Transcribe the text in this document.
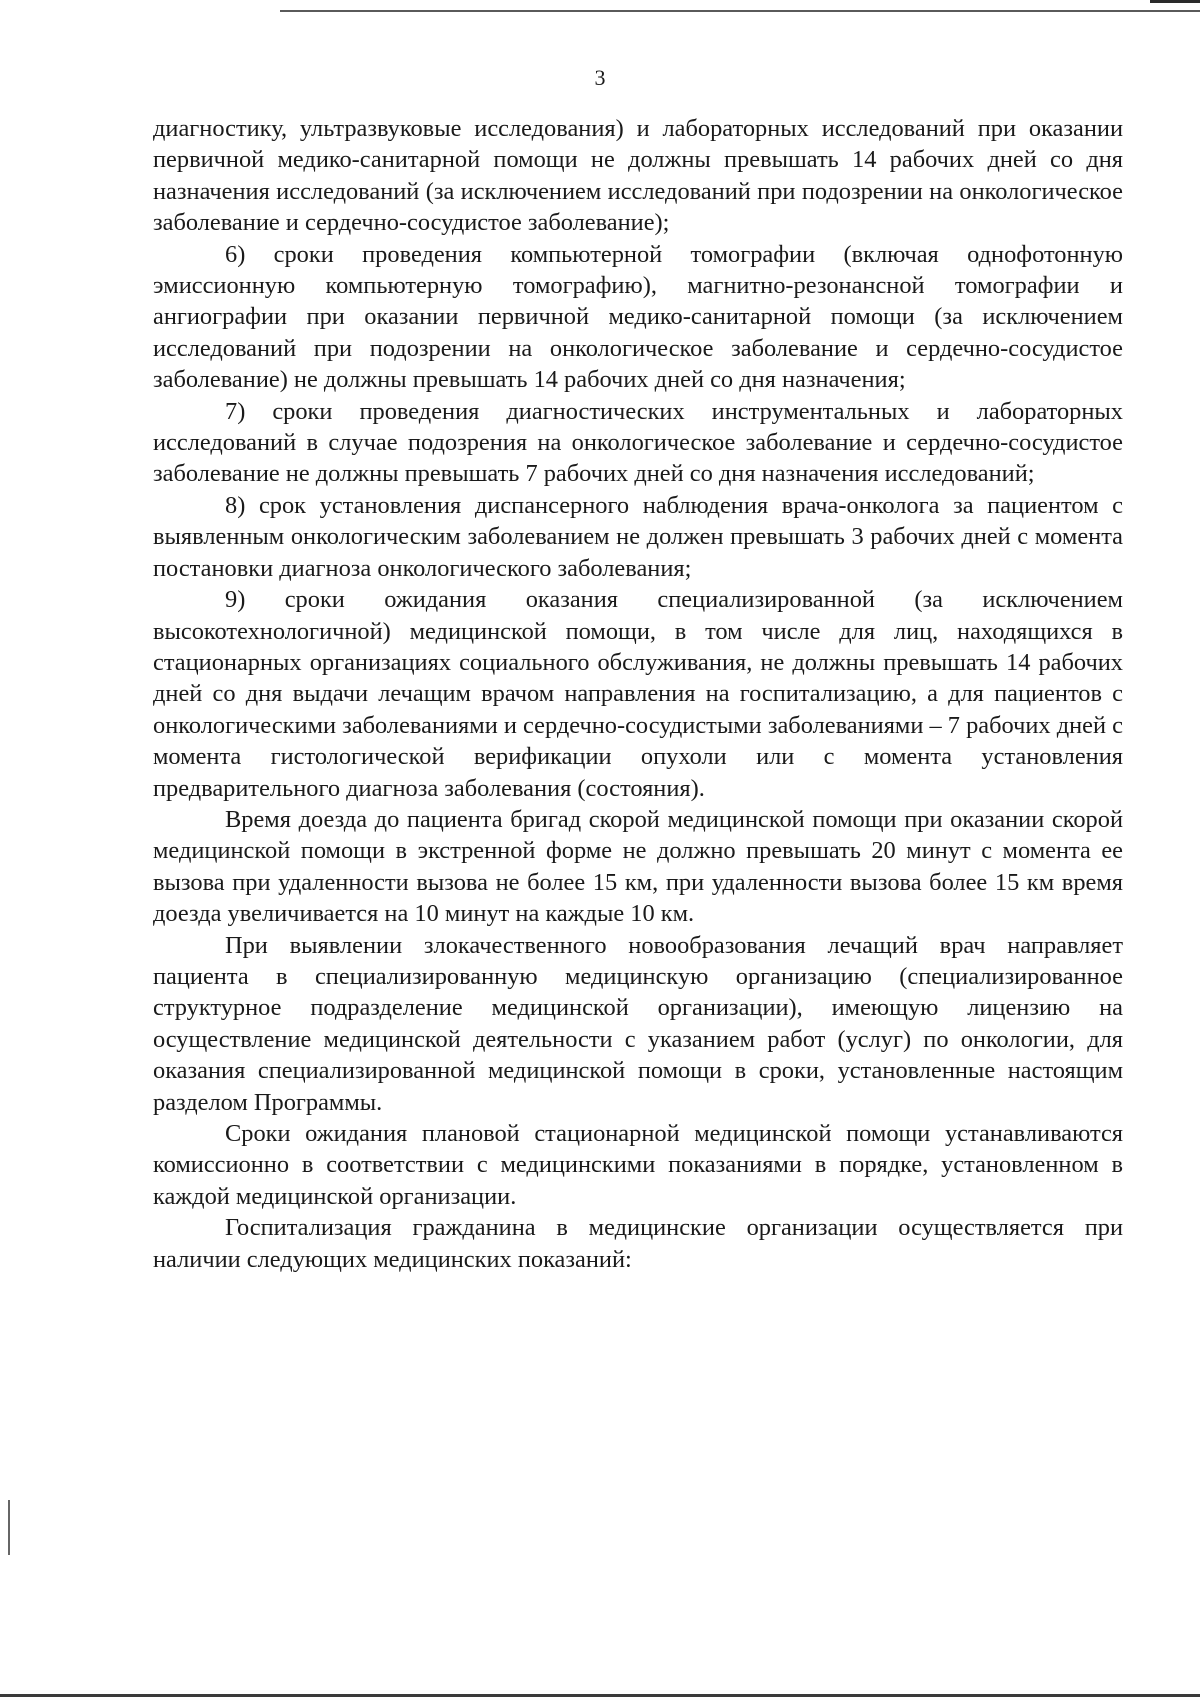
3

диагностику, ультразвуковые исследования) и лабораторных исследований при оказании первичной медико-санитарной помощи не должны превышать 14 рабочих дней со дня назначения исследований (за исключением исследований при подозрении на онкологическое заболевание и сердечно-сосудистое заболевание);

6) сроки проведения компьютерной томографии (включая однофотонную эмиссионную компьютерную томографию), магнитно-резонансной томографии и ангиографии при оказании первичной медико-санитарной помощи (за исключением исследований при подозрении на онкологическое заболевание и сердечно-сосудистое заболевание) не должны превышать 14 рабочих дней со дня назначения;

7) сроки проведения диагностических инструментальных и лабораторных исследований в случае подозрения на онкологическое заболевание и сердечно-сосудистое заболевание не должны превышать 7 рабочих дней со дня назначения исследований;

8) срок установления диспансерного наблюдения врача-онколога за пациентом с выявленным онкологическим заболеванием не должен превышать 3 рабочих дней с момента постановки диагноза онкологического заболевания;

9) сроки ожидания оказания специализированной (за исключением высокотехнологичной) медицинской помощи, в том числе для лиц, находящихся в стационарных организациях социального обслуживания, не должны превышать 14 рабочих дней со дня выдачи лечащим врачом направления на госпитализацию, а для пациентов с онкологическими заболеваниями и сердечно-сосудистыми заболеваниями – 7 рабочих дней с момента гистологической верификации опухоли или с момента установления предварительного диагноза заболевания (состояния).

Время доезда до пациента бригад скорой медицинской помощи при оказании скорой медицинской помощи в экстренной форме не должно превышать 20 минут с момента ее вызова при удаленности вызова не более 15 км, при удаленности вызова более 15 км время доезда увеличивается на 10 минут на каждые 10 км.

При выявлении злокачественного новообразования лечащий врач направляет пациента в специализированную медицинскую организацию (специализированное структурное подразделение медицинской организации), имеющую лицензию на осуществление медицинской деятельности с указанием работ (услуг) по онкологии, для оказания специализированной медицинской помощи в сроки, установленные настоящим разделом Программы.

Сроки ожидания плановой стационарной медицинской помощи устанавливаются комиссионно в соответствии с медицинскими показаниями в порядке, установленном в каждой медицинской организации.

Госпитализация гражданина в медицинские организации осуществляется при наличии следующих медицинских показаний:
